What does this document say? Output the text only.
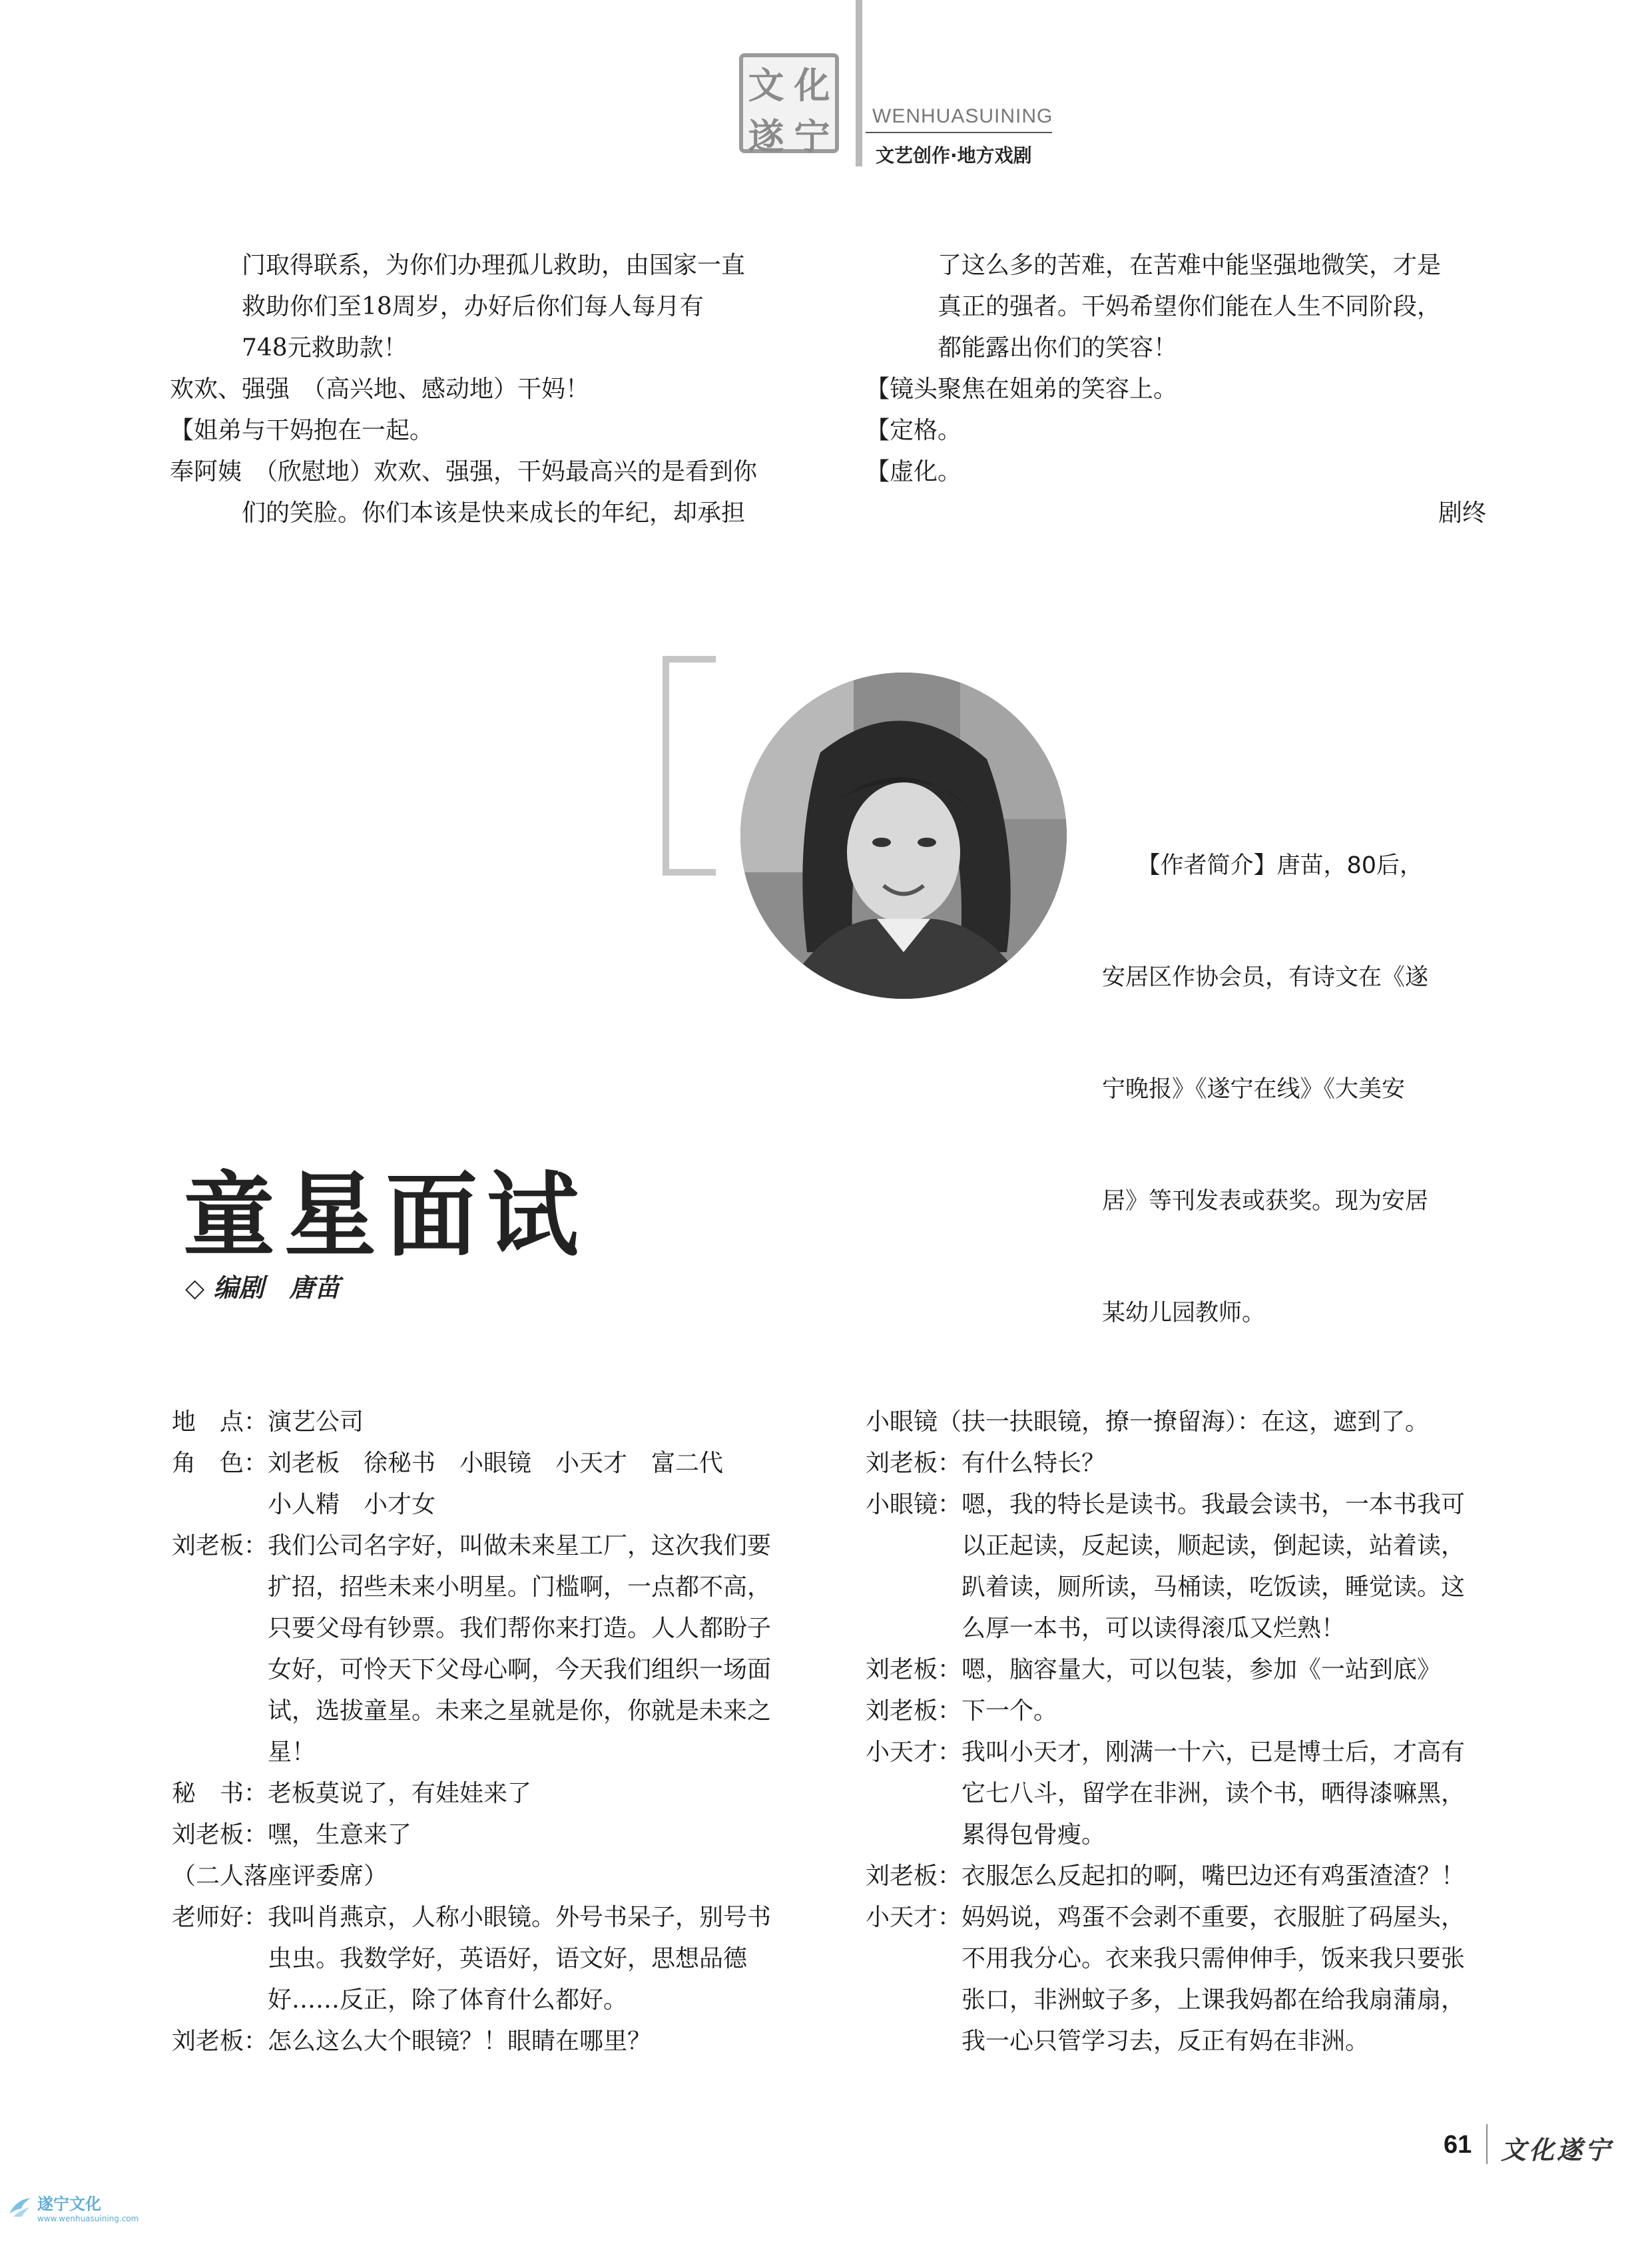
文 化
遂 宁 WENHUASUINING
文艺创作·地方戏剧
　　　门取得联系，为你们办理孤儿救助，由国家一直
　　　救助你们至18周岁，办好后你们每人每月有
　　　748元救助款！
欢欢、强强　（高兴地、感动地）干妈！
【姐弟与干妈抱在一起。
奉阿姨　（欣慰地）欢欢、强强，干妈最高兴的是看到你
　　　们的笑脸。你们本该是快来成长的年纪，却承担
　　　了这么多的苦难，在苦难中能坚强地微笑，才是
　　　真正的强者。干妈希望你们能在人生不同阶段，
　　　都能露出你们的笑容！
【镜头聚焦在姐弟的笑容上。
【定格。
【虚化。
剧终

　　【作者简介】唐苗，80后，

安居区作协会员，有诗文在《遂

宁晚报》《遂宁在线》《大美安

居》等刊发表或获奖。现为安居

某幼儿园教师。

童星面试
◇ 编剧　唐苗
地　点：演艺公司
角　色：刘老板　徐秘书　小眼镜　小天才　富二代
　　　　小人精　小才女
刘老板：我们公司名字好，叫做未来星工厂，这次我们要
　　　　扩招，招些未来小明星。门槛啊，一点都不高，
　　　　只要父母有钞票。我们帮你来打造。人人都盼子
　　　　女好，可怜天下父母心啊，今天我们组织一场面
　　　　试，选拔童星。未来之星就是你，你就是未来之
　　　　星！
秘　书：老板莫说了，有娃娃来了
刘老板：嘿，生意来了
（二人落座评委席）
老师好：我叫肖燕京，人称小眼镜。外号书呆子，别号书
　　　　虫虫。我数学好，英语好，语文好，思想品德
　　　　好……反正，除了体育什么都好。
刘老板：怎么这么大个眼镜？！眼睛在哪里？
小眼镜（扶一扶眼镜，撩一撩留海）：在这，遮到了。
刘老板：有什么特长？
小眼镜：嗯，我的特长是读书。我最会读书，一本书我可
　　　　以正起读，反起读，顺起读，倒起读，站着读，
　　　　趴着读，厕所读，马桶读，吃饭读，睡觉读。这
　　　　么厚一本书，可以读得滚瓜又烂熟！
刘老板：嗯，脑容量大，可以包装，参加《一站到底》
刘老板：下一个。
小天才：我叫小天才，刚满一十六，已是博士后，才高有
　　　　它七八斗，留学在非洲，读个书，晒得漆嘛黑，
　　　　累得包骨瘦。
刘老板：衣服怎么反起扣的啊，嘴巴边还有鸡蛋渣渣？！
小天才：妈妈说，鸡蛋不会剥不重要，衣服脏了码屋头，
　　　　不用我分心。衣来我只需伸伸手，饭来我只要张
　　　　张口，非洲蚊子多，上课我妈都在给我扇蒲扇，
　　　　我一心只管学习去，反正有妈在非洲。
61 文化遂宁
遂宁文化
www.wenhuasuining.com
